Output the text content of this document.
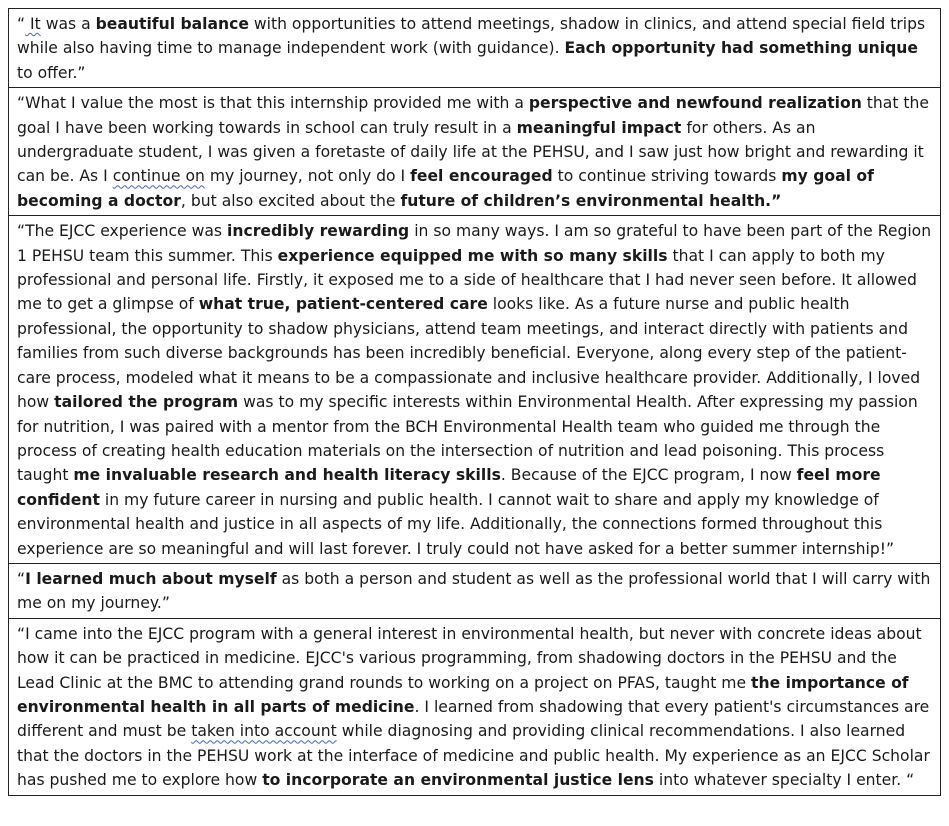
“ It was a beautiful balance with opportunities to attend meetings, shadow in clinics, and attend special field trips while also having time to manage independent work (with guidance). Each opportunity had something unique to offer.”
“What I value the most is that this internship provided me with a perspective and newfound realization that the goal I have been working towards in school can truly result in a meaningful impact for others. As an undergraduate student, I was given a foretaste of daily life at the PEHSU, and I saw just how bright and rewarding it can be. As I continue on my journey, not only do I feel encouraged to continue striving towards my goal of becoming a doctor, but also excited about the future of children’s environmental health.”
“The EJCC experience was incredibly rewarding in so many ways. I am so grateful to have been part of the Region 1 PEHSU team this summer. This experience equipped me with so many skills that I can apply to both my professional and personal life. Firstly, it exposed me to a side of healthcare that I had never seen before. It allowed me to get a glimpse of what true, patient-centered care looks like. As a future nurse and public health professional, the opportunity to shadow physicians, attend team meetings, and interact directly with patients and families from such diverse backgrounds has been incredibly beneficial. Everyone, along every step of the patient-care process, modeled what it means to be a compassionate and inclusive healthcare provider. Additionally, I loved how tailored the program was to my specific interests within Environmental Health. After expressing my passion for nutrition, I was paired with a mentor from the BCH Environmental Health team who guided me through the process of creating health education materials on the intersection of nutrition and lead poisoning. This process taught me invaluable research and health literacy skills. Because of the EJCC program, I now feel more confident in my future career in nursing and public health. I cannot wait to share and apply my knowledge of environmental health and justice in all aspects of my life. Additionally, the connections formed throughout this experience are so meaningful and will last forever. I truly could not have asked for a better summer internship!”
“I learned much about myself as both a person and student as well as the professional world that I will carry with me on my journey.”
“I came into the EJCC program with a general interest in environmental health, but never with concrete ideas about how it can be practiced in medicine. EJCC's various programming, from shadowing doctors in the PEHSU and the Lead Clinic at the BMC to attending grand rounds to working on a project on PFAS, taught me the importance of environmental health in all parts of medicine. I learned from shadowing that every patient's circumstances are different and must be taken into account while diagnosing and providing clinical recommendations. I also learned that the doctors in the PEHSU work at the interface of medicine and public health. My experience as an EJCC Scholar has pushed me to explore how to incorporate an environmental justice lens into whatever specialty I enter. “
